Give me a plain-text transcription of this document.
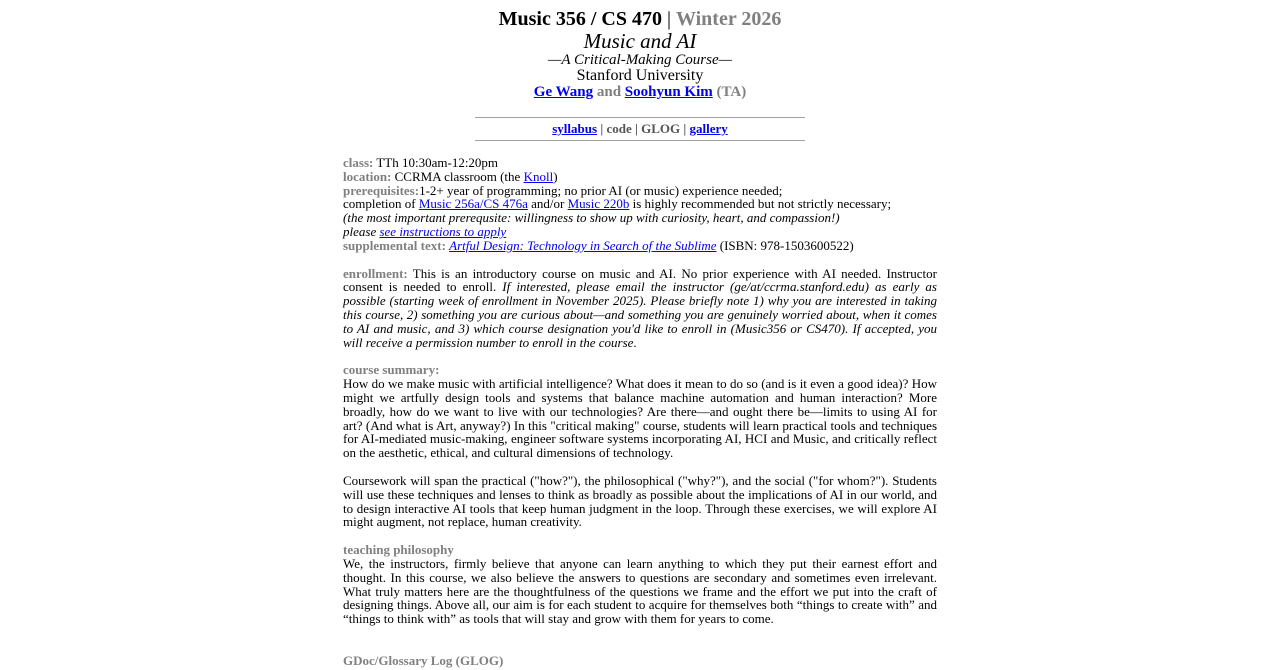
Music 356 / CS 470 | Winter 2026
Music and AI
—A Critical-Making Course—
Stanford University
Ge Wang and Soohyun Kim (TA)
syllabus | code | GLOG | gallery
class: TTh 10:30am-12:20pm
location: CCRMA classroom (the Knoll)
prerequisites:1-2+ year of programming; no prior AI (or music) experience needed;
completion of Music 256a/CS 476a and/or Music 220b is highly recommended but not strictly necessary;
(the most important prerequsite: willingness to show up with curiosity, heart, and compassion!)
please see instructions to apply
supplemental text: Artful Design: Technology in Search of the Sublime (ISBN: 978-1503600522)
enrollment: This is an introductory course on music and AI. No prior experience with AI needed. Instructor consent is needed to enroll. If interested, please email the instructor (ge/at/ccrma.stanford.edu) as early as possible (starting week of enrollment in November 2025). Please briefly note 1) why you are interested in taking this course, 2) something you are curious about—and something you are genuinely worried about, when it comes to AI and music, and 3) which course designation you'd like to enroll in (Music356 or CS470). If accepted, you will receive a permission number to enroll in the course.
course summary:
How do we make music with artificial intelligence? What does it mean to do so (and is it even a good idea)? How might we artfully design tools and systems that balance machine automation and human interaction? More broadly, how do we want to live with our technologies? Are there—and ought there be—limits to using AI for art? (And what is Art, anyway?) In this "critical making" course, students will learn practical tools and techniques for AI-mediated music-making, engineer software systems incorporating AI, HCI and Music, and critically reflect on the aesthetic, ethical, and cultural dimensions of technology.
Coursework will span the practical ("how?"), the philosophical ("why?"), and the social ("for whom?"). Students will use these techniques and lenses to think as broadly as possible about the implications of AI in our world, and to design interactive AI tools that keep human judgment in the loop. Through these exercises, we will explore AI might augment, not replace, human creativity.
teaching philosophy
We, the instructors, firmly believe that anyone can learn anything to which they put their earnest effort and thought. In this course, we also believe the answers to questions are secondary and sometimes even irrelevant. What truly matters here are the thoughtfulness of the questions we frame and the effort we put into the craft of designing things. Above all, our aim is for each student to acquire for themselves both “things to create with” and “things to think with” as tools that will stay and grow with them for years to come.
GDoc/Glossary Log (GLOG)
